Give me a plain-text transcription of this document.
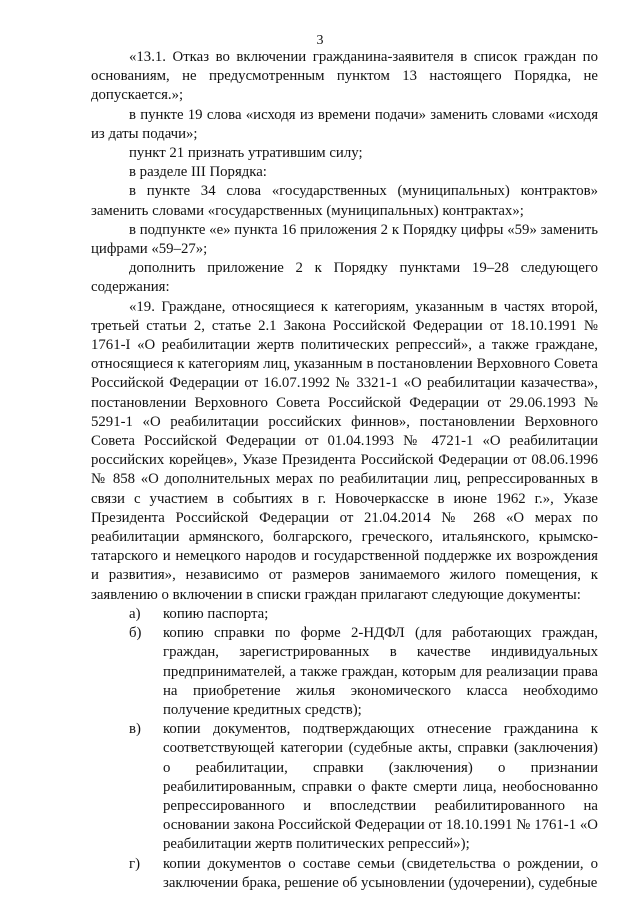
3

«13.1. Отказ во включении гражданина-заявителя в список граждан по основаниям, не предусмотренным пунктом 13 настоящего Порядка, не допускается.»;

в пункте 19 слова «исходя из времени подачи» заменить словами «исходя из даты подачи»;

пункт 21 признать утратившим силу;

в разделе III Порядка:

в пункте 34 слова «государственных (муниципальных) контрактов» заменить словами «государственных (муниципальных) контрактах»;

в подпункте «е» пункта 16 приложения 2 к Порядку цифры «59» заменить цифрами «59–27»;

дополнить приложение 2 к Порядку пунктами 19–28 следующего содержания:

«19. Граждане, относящиеся к категориям, указанным в частях второй, третьей статьи 2, статье 2.1 Закона Российской Федерации от 18.10.1991 № 1761-I «О реабилитации жертв политических репрессий», а также граждане, относящиеся к категориям лиц, указанным в постановлении Верховного Совета Российской Федерации от 16.07.1992 № 3321-1 «О реабилитации казачества», постановлении Верховного Совета Российской Федерации от 29.06.1993 № 5291-1 «О реабилитации российских финнов», постановлении Верховного Совета Российской Федерации от 01.04.1993 № 4721-1 «О реабилитации российских корейцев», Указе Президента Российской Федерации от 08.06.1996 № 858 «О дополнительных мерах по реабилитации лиц, репрессированных в связи с участием в событиях в г. Новочеркасске в июне 1962 г.», Указе Президента Российской Федерации от 21.04.2014 № 268 «О мерах по реабилитации армянского, болгарского, греческого, итальянского, крымско-татарского и немецкого народов и государственной поддержке их возрождения и развития», независимо от размеров занимаемого жилого помещения, к заявлению о включении в списки граждан прилагают следующие документы:

а)	копию паспорта;
б)	копию справки по форме 2-НДФЛ (для работающих граждан, граждан, зарегистрированных в качестве индивидуальных предпринимателей, а также граждан, которым для реализации права на приобретение жилья экономического класса необходимо получение кредитных средств);
в)	копии документов, подтверждающих отнесение гражданина к соответствующей категории (судебные акты, справки (заключения) о реабилитации, справки (заключения) о признании реабилитированным, справки о факте смерти лица, необоснованно репрессированного и впоследствии реабилитированного на основании закона Российской Федерации от 18.10.1991 № 1761-1 «О реабилитации жертв политических репрессий»);
г)	копии документов о составе семьи (свидетельства о рождении, о заключении брака, решение об усыновлении (удочерении), судебные
